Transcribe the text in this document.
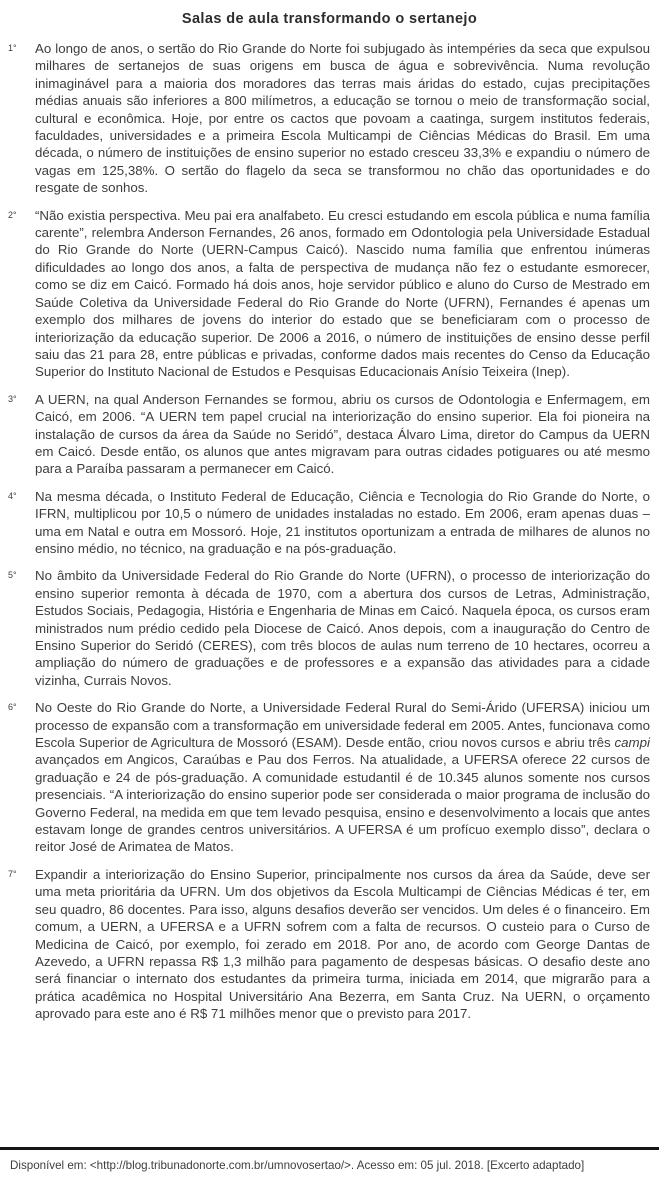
Salas de aula transformando o sertanejo
1°	Ao longo de anos, o sertão do Rio Grande do Norte foi subjugado às intempéries da seca que expulsou milhares de sertanejos de suas origens em busca de água e sobrevivência. Numa revolução inimaginável para a maioria dos moradores das terras mais áridas do estado, cujas precipitações médias anuais são inferiores a 800 milímetros, a educação se tornou o meio de transformação social, cultural e econômica. Hoje, por entre os cactos que povoam a caatinga, surgem institutos federais, faculdades, universidades e a primeira Escola Multicampi de Ciências Médicas do Brasil. Em uma década, o número de instituições de ensino superior no estado cresceu 33,3% e expandiu o número de vagas em 125,38%. O sertão do flagelo da seca se transformou no chão das oportunidades e do resgate de sonhos.

2°	“Não existia perspectiva. Meu pai era analfabeto. Eu cresci estudando em escola pública e numa família carente”, relembra Anderson Fernandes, 26 anos, formado em Odontologia pela Universidade Estadual do Rio Grande do Norte (UERN-Campus Caicó). Nascido numa família que enfrentou inúmeras dificuldades ao longo dos anos, a falta de perspectiva de mudança não fez o estudante esmorecer, como se diz em Caicó. Formado há dois anos, hoje servidor público e aluno do Curso de Mestrado em Saúde Coletiva da Universidade Federal do Rio Grande do Norte (UFRN), Fernandes é apenas um exemplo dos milhares de jovens do interior do estado que se beneficiaram com o processo de interiorização da educação superior. De 2006 a 2016, o número de instituições de ensino desse perfil saiu das 21 para 28, entre públicas e privadas, conforme dados mais recentes do Censo da Educação Superior do Instituto Nacional de Estudos e Pesquisas Educacionais Anísio Teixeira (Inep).

3°	A UERN, na qual Anderson Fernandes se formou, abriu os cursos de Odontologia e Enfermagem, em Caicó, em 2006. “A UERN tem papel crucial na interiorização do ensino superior. Ela foi pioneira na instalação de cursos da área da Saúde no Seridó”, destaca Álvaro Lima, diretor do Campus da UERN em Caicó. Desde então, os alunos que antes migravam para outras cidades potiguares ou até mesmo para a Paraíba passaram a permanecer em Caicó.

4°	Na mesma década, o Instituto Federal de Educação, Ciência e Tecnologia do Rio Grande do Norte, o IFRN, multiplicou por 10,5 o número de unidades instaladas no estado. Em 2006, eram apenas duas – uma em Natal e outra em Mossoró. Hoje, 21 institutos oportunizam a entrada de milhares de alunos no ensino médio, no técnico, na graduação e na pós-graduação.

5°	No âmbito da Universidade Federal do Rio Grande do Norte (UFRN), o processo de interiorização do ensino superior remonta à década de 1970, com a abertura dos cursos de Letras, Administração, Estudos Sociais, Pedagogia, História e Engenharia de Minas em Caicó. Naquela época, os cursos eram ministrados num prédio cedido pela Diocese de Caicó. Anos depois, com a inauguração do Centro de Ensino Superior do Seridó (CERES), com três blocos de aulas num terreno de 10 hectares, ocorreu a ampliação do número de graduações e de professores e a expansão das atividades para a cidade vizinha, Currais Novos.

6°	No Oeste do Rio Grande do Norte, a Universidade Federal Rural do Semi-Árido (UFERSA) iniciou um processo de expansão com a transformação em universidade federal em 2005. Antes, funcionava como Escola Superior de Agricultura de Mossoró (ESAM). Desde então, criou novos cursos e abriu três campi avançados em Angicos, Caraúbas e Pau dos Ferros. Na atualidade, a UFERSA oferece 22 cursos de graduação e 24 de pós-graduação. A comunidade estudantil é de 10.345 alunos somente nos cursos presenciais. “A interiorização do ensino superior pode ser considerada o maior programa de inclusão do Governo Federal, na medida em que tem levado pesquisa, ensino e desenvolvimento a locais que antes estavam longe de grandes centros universitários. A UFERSA é um profícuo exemplo disso”, declara o reitor José de Arimatea de Matos.

7°	Expandir a interiorização do Ensino Superior, principalmente nos cursos da área da Saúde, deve ser uma meta prioritária da UFRN. Um dos objetivos da Escola Multicampi de Ciências Médicas é ter, em seu quadro, 86 docentes. Para isso, alguns desafios deverão ser vencidos. Um deles é o financeiro. Em comum, a UERN, a UFERSA e a UFRN sofrem com a falta de recursos. O custeio para o Curso de Medicina de Caicó, por exemplo, foi zerado em 2018. Por ano, de acordo com George Dantas de Azevedo, a UFRN repassa R$ 1,3 milhão para pagamento de despesas básicas. O desafio deste ano será financiar o internato dos estudantes da primeira turma, iniciada em 2014, que migrarão para a prática acadêmica no Hospital Universitário Ana Bezerra, em Santa Cruz. Na UERN, o orçamento aprovado para este ano é R$ 71 milhões menor que o previsto para 2017.

Disponível em: <http://blog.tribunadonorte.com.br/umnovosertao/>. Acesso em: 05 jul. 2018. [Excerto adaptado]
